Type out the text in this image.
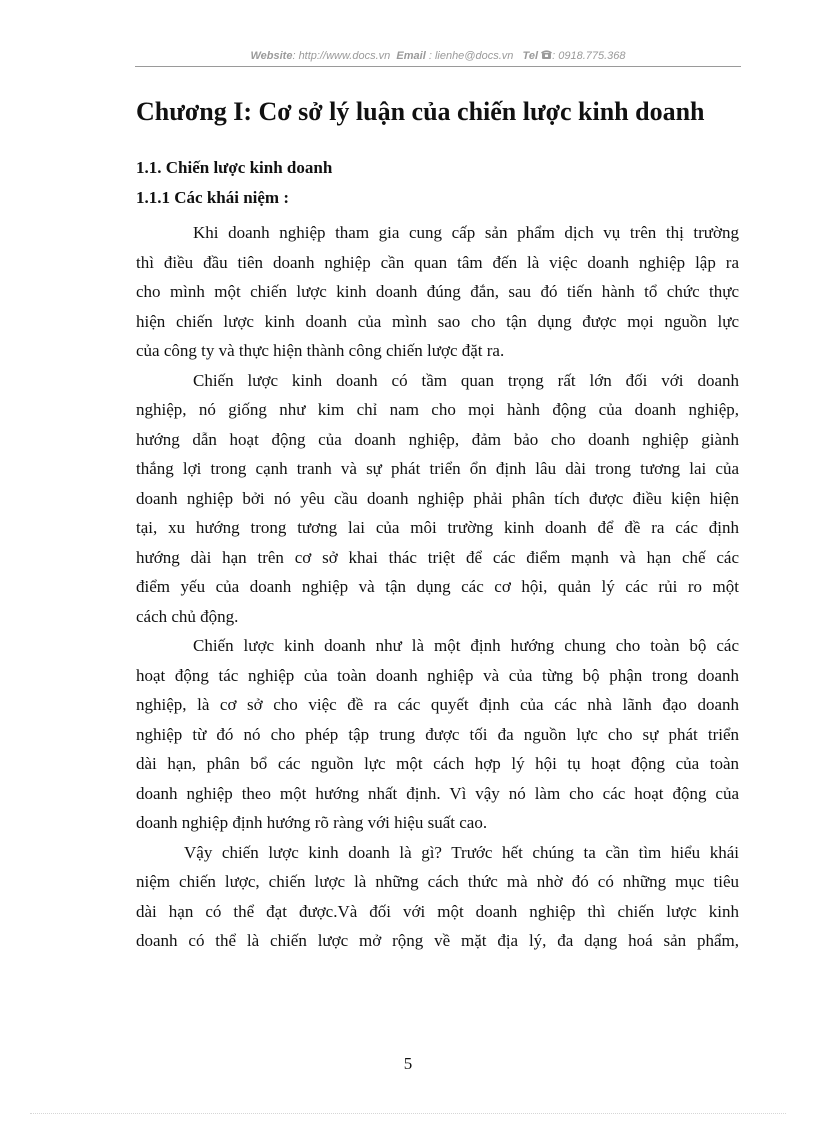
Website: http://www.docs.vn Email : lienhe@docs.vn Tel : 0918.775.368
Chương I: Cơ sở lý luận của chiến lược kinh doanh
1.1. Chiến lược kinh doanh
1.1.1 Các khái niệm :
Khi doanh nghiệp tham gia cung cấp sản phẩm dịch vụ trên thị trường
thì điều đầu tiên doanh nghiệp cần quan tâm đến là việc doanh nghiệp lập ra
cho mình một chiến lược kinh doanh đúng đắn, sau đó tiến hành tổ chức thực
hiện chiến lược kinh doanh của mình sao cho tận dụng được mọi nguồn lực
của công ty và thực hiện thành công chiến lược đặt ra.
Chiến lược kinh doanh có tầm quan trọng rất lớn đối với doanh
nghiệp, nó giống như kim chỉ nam cho mọi hành động của doanh nghiệp,
hướng dẫn hoạt động của doanh nghiệp, đảm bảo cho doanh nghiệp giành
thắng lợi trong cạnh tranh và sự phát triển ổn định lâu dài trong tương lai của
doanh nghiệp bởi nó yêu cầu doanh nghiệp phải phân tích được điều kiện hiện
tại, xu hướng trong tương lai của môi trường kinh doanh để đề ra các định
hướng dài hạn trên cơ sở khai thác triệt để các điểm mạnh và hạn chế các
điểm yếu của doanh nghiệp và tận dụng các cơ hội, quản lý các rủi ro một
cách chủ động.
Chiến lược kinh doanh như là một định hướng chung cho toàn bộ các
hoạt động tác nghiệp của toàn doanh nghiệp và của từng bộ phận trong doanh
nghiệp, là cơ sở cho việc đề ra các quyết định của các nhà lãnh đạo doanh
nghiệp từ đó nó cho phép tập trung được tối đa nguồn lực cho sự phát triển
dài hạn, phân bổ các nguồn lực một cách hợp lý hội tụ hoạt động của toàn
doanh nghiệp theo một hướng nhất định. Vì vậy nó làm cho các hoạt động của
doanh nghiệp định hướng rõ ràng với hiệu suất cao.
Vậy chiến lược kinh doanh là gì? Trước hết chúng ta cần tìm hiểu khái
niệm chiến lược, chiến lược là những cách thức mà nhờ đó có những mục tiêu
dài hạn có thể đạt được.Và đối với một doanh nghiệp thì chiến lược kinh
doanh có thể là chiến lược mở rộng về mặt địa lý, đa dạng hoá sản phẩm,
5
